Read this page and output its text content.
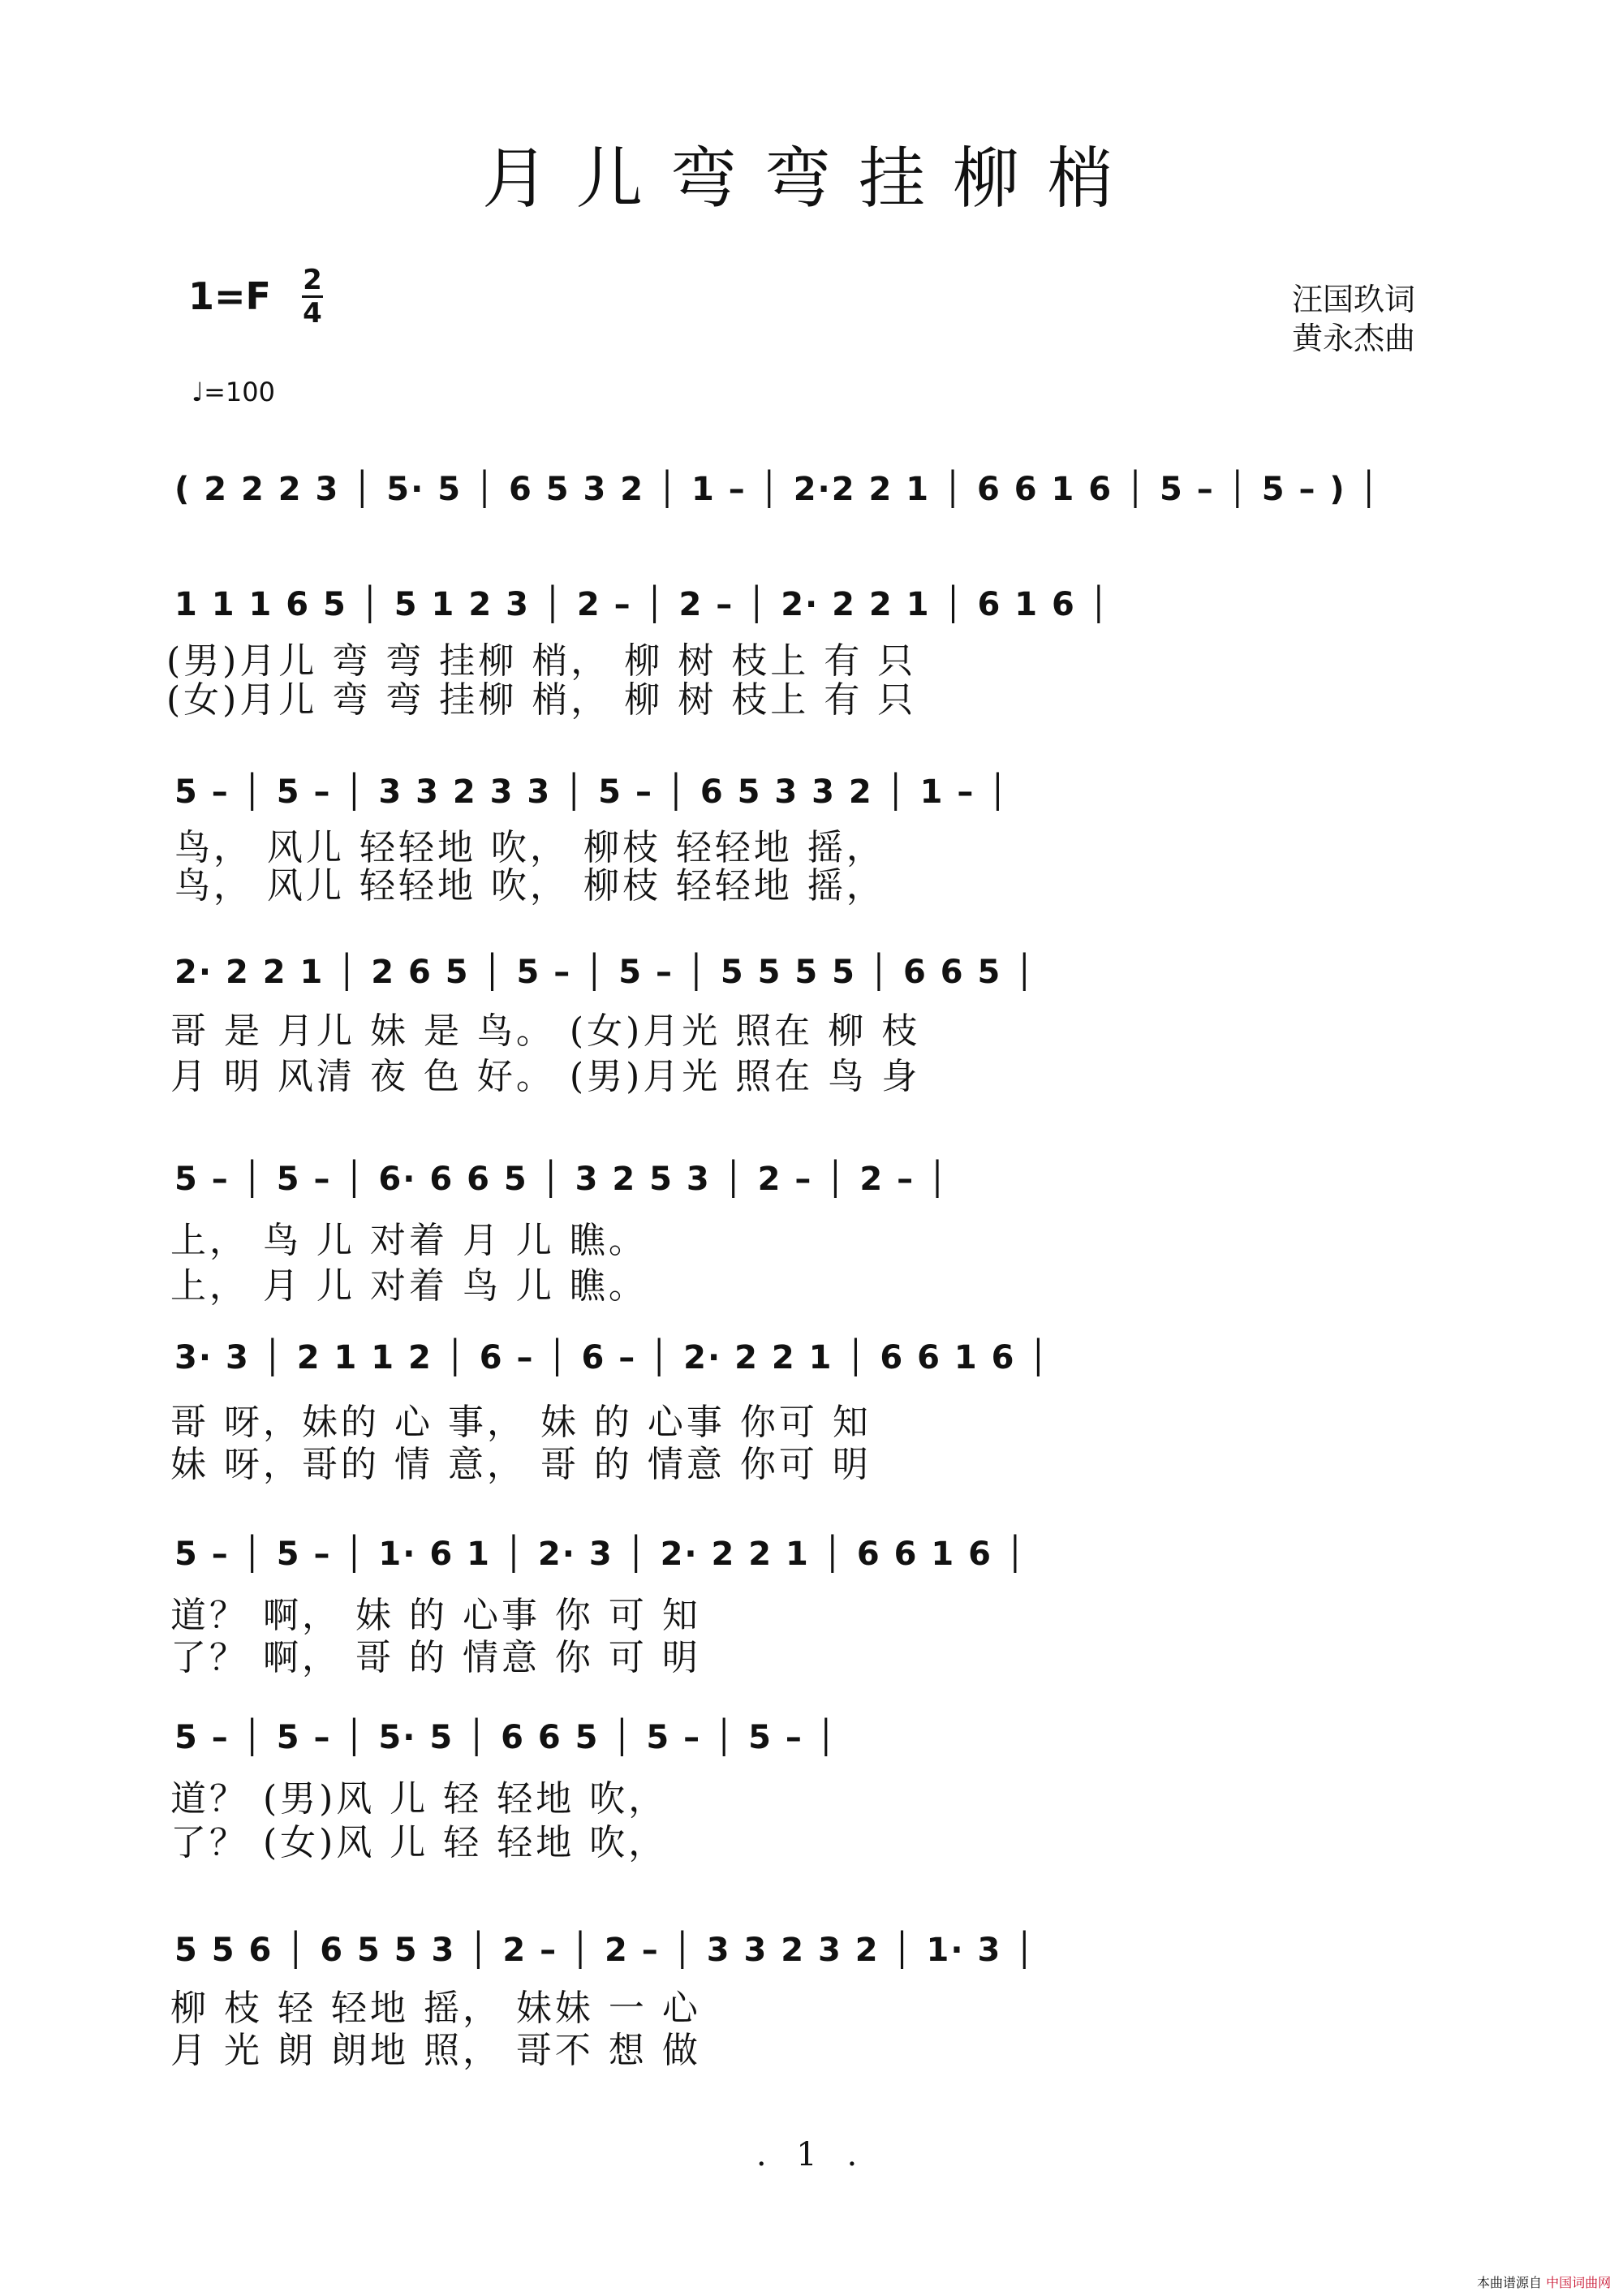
月儿弯弯挂柳梢
1=F 2
4	汪国玖词
黄永杰曲
♩=100
( 2 2 2 3 │ 5· 5 │ 6 5 3 2 │ 1 – │ 2·2 2 1 │ 6 6 1 6 │ 5 – │ 5 – ) │
1 1 1 6 5 │ 5 1 2 3 │ 2 – │ 2 – │ 2· 2 2 1 │ 6 1 6 │
(男)月儿 弯 弯 挂柳 梢， 柳 树 枝上 有 只
(女)月儿 弯 弯 挂柳 梢， 柳 树 枝上 有 只
5 – │ 5 – │ 3 3 2 3 3 │ 5 – │ 6 5 3 3 2 │ 1 – │
鸟， 风儿 轻轻地 吹， 柳枝 轻轻地 摇，
鸟， 风儿 轻轻地 吹， 柳枝 轻轻地 摇，
2· 2 2 1 │ 2 6 5 │ 5 – │ 5 – │ 5 5 5 5 │ 6 6 5 │
哥 是 月儿 妹 是 鸟。 (女)月光 照在 柳 枝
月 明 风清 夜 色 好。 (男)月光 照在 鸟 身
5 – │ 5 – │ 6· 6 6 5 │ 3 2 5 3 │ 2 – │ 2 – │
上， 鸟 儿 对着 月 儿 瞧。
上， 月 儿 对着 鸟 儿 瞧。
3· 3 │ 2 1 1 2 │ 6 – │ 6 – │ 2· 2 2 1 │ 6 6 1 6 │
哥 呀，妹的 心 事， 妹 的 心事 你可 知
妹 呀，哥的 情 意， 哥 的 情意 你可 明
5 – │ 5 – │ 1· 6 1 │ 2· 3 │ 2· 2 2 1 │ 6 6 1 6 │
道？ 啊， 妹 的 心事 你 可 知
了？ 啊， 哥 的 情意 你 可 明
5 – │ 5 – │ 5· 5 │ 6 6 5 │ 5 – │ 5 – │
道？ (男)风 儿 轻 轻地 吹，
了？ (女)风 儿 轻 轻地 吹，
5 5 6 │ 6 5 5 3 │ 2 – │ 2 – │ 3 3 2 3 2 │ 1· 3 │
柳 枝 轻 轻地 摇， 妹妹 一 心
月 光 朗 朗地 照， 哥不 想 做
. 1 .
本曲谱源自 中国词曲网
